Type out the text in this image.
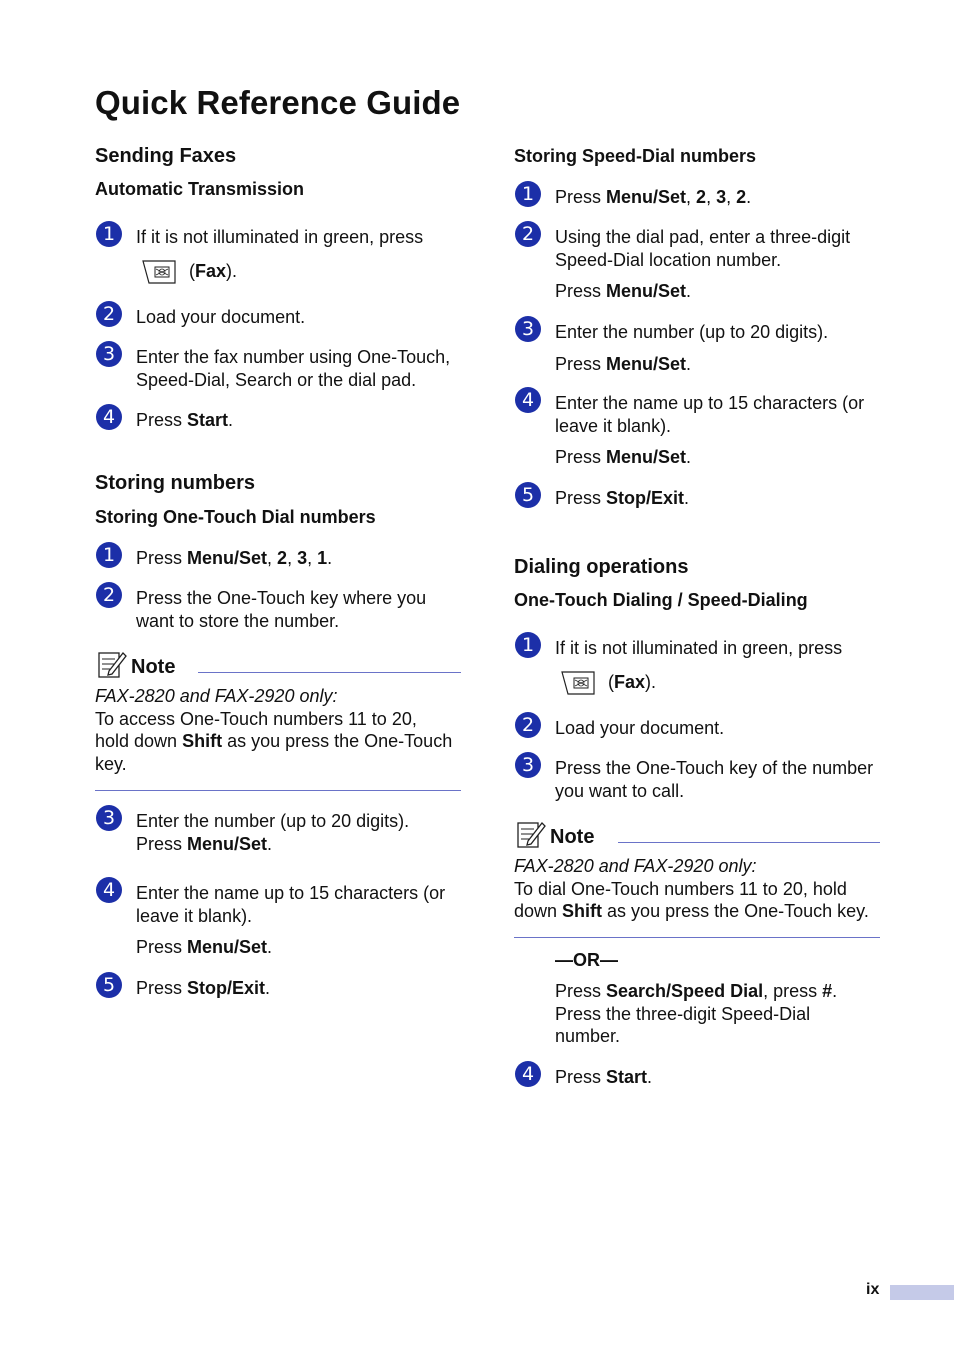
Quick Reference Guide
Sending Faxes
Automatic Transmission
1	If it is not illuminated in green, press
(Fax).
2	Load your document.
3	Enter the fax number using One-Touch,
Speed-Dial, Search or the dial pad.
4	Press Start.
Storing numbers
Storing One-Touch Dial numbers
1	Press Menu/Set, 2, 3, 1.
2	Press the One-Touch key where you
want to store the number.
Note
FAX-2820 and FAX-2920 only:
To access One-Touch numbers 11 to 20,
hold down Shift as you press the One-Touch
key.
3	Enter the number (up to 20 digits).
Press Menu/Set.
4	Enter the name up to 15 characters (or
leave it blank).
Press Menu/Set.
5	Press Stop/Exit.
Storing Speed-Dial numbers
1	Press Menu/Set, 2, 3, 2.
2	Using the dial pad, enter a three-digit
Speed-Dial location number.
Press Menu/Set.
3	Enter the number (up to 20 digits).
Press Menu/Set.
4	Enter the name up to 15 characters (or
leave it blank).
Press Menu/Set.
5	Press Stop/Exit.
Dialing operations
One-Touch Dialing / Speed-Dialing
1	If it is not illuminated in green, press
(Fax).
2	Load your document.
3	Press the One-Touch key of the number
you want to call.
Note
FAX-2820 and FAX-2920 only:
To dial One-Touch numbers 11 to 20, hold
down Shift as you press the One-Touch key.
—OR—
Press Search/Speed Dial, press #.
Press the three-digit Speed-Dial
number.
4	Press Start.
ix
